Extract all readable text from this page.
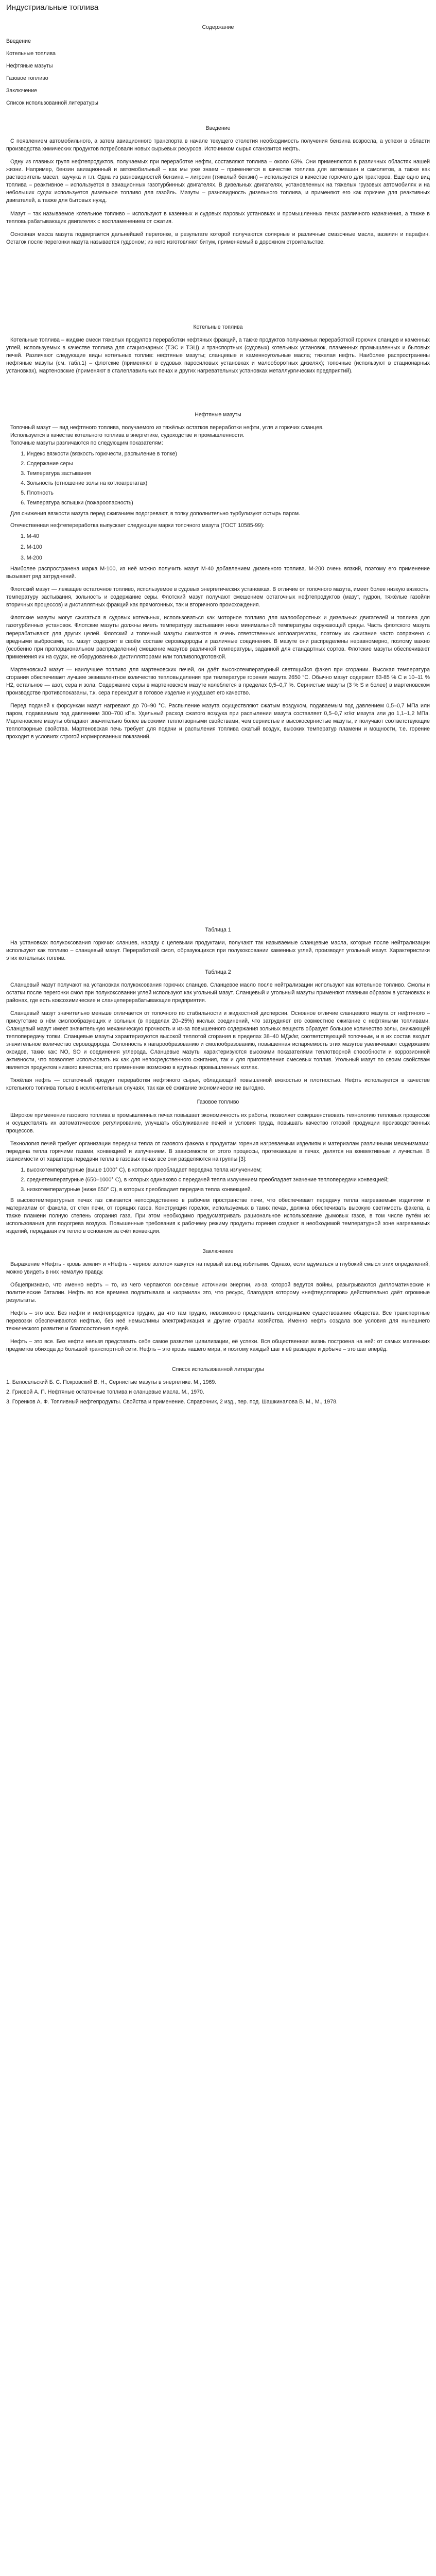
Индустриальные топлива
Содержание
Введение
Котельные топлива
Нефтяные мазуты
Газовое топливо
Заключение
Список использованной литературы
Введение

С появлением автомобильного, а затем авиационного транспорта в начале текущего столетия необходимость получения бензина возросла, а успехи в области производства химических продуктов потребовали новых сырьевых ресурсов. Источником сырья становится нефть.

Одну из главных групп нефтепродуктов, получаемых при переработке нефти, составляют топлива – около 63%. Они применяются в различных областях нашей жизни. Например, бензин авиационный и автомобильный – как мы уже знаем – применяется в качестве топлива для автомашин и самолетов, а также как растворитель масел, каучука и т.п. Одна из разновидностей бензина – лигроин (тяжелый бензин) – используется в качестве горючего для тракторов. Еще одно вид топлива – реактивное – используется в авиационных газотурбинных двигателях. В дизельных двигателях, установленных на тяжелых грузовых автомобилях и на небольших судах используется дизельное топливо для газойль. Мазуты – разновидность дизельного топлива, и применяют его как горючее для реактивных двигателей, а также для бытовых нужд.

Мазут – так называемое котельное топливо – используют в казенных и судовых паровых установках и промышленных печах различного назначения, а также в тепловырабатывающих двигателях с воспламенением от сжатия.

Основная масса мазута подвергается дальнейшей перегонке, в результате которой получаются солярные и различные смазочные масла, вазелин и парафин. Остаток после перегонки мазута называется гудроном; из него изготовляют битум, применяемый в дорожном строительстве.

Котельные топлива

Котельные топлива – жидкие смеси тяжелых продуктов переработки нефтяных фракций, а также продуктов получаемых переработкой горючих сланцев и каменных углей, используемых в качестве топлива для стационарных (ТЭС и ТЭЦ) и транспортных (судовых) котельных установок, пламенных промышленных и бытовых печей. Различают следующие виды котельных топлив: нефтяные мазуты; сланцевые и каменноугольные масла; тяжелая нефть. Наиболее распространены нефтяные мазуты (см. табл.1) – флотские (применяют в судовых паросиловых установках и малооборотных дизелях); топочные (используют в стационарных установках), мартеновские (применяют в сталеплавильных печах и других нагревательных установках металлургических предприятий).

Нефтяные мазуты

Топочный мазут — вид нефтяного топлива, получаемого из тяжёлых остатков переработки нефти, угля и горючих сланцев.

Используется в качестве котельного топлива в энергетике, судоходстве и промышленности.

Топочные мазуты различаются по следующим показателям:

1. Индекс вязкости (вязкость горючести, распыление в топке)
2. Содержание серы
3. Температура застывания
4. Зольность (отношение золы на котлоагрегатах)
5. Плотность
6. Температура вспышки (пожароопасность)

Для снижения вязкости мазута перед сжиганием подогревают, в топку дополнительно турбулизуют остырь паром.

Отечественная нефтепереработка выпускает следующие марки топочного мазута (ГОСТ 10585-99):

1. М-40
2. М-100
3. М-200

Наиболее распространена марка М-100, из неё можно получить мазут М-40 добавлением дизельного топлива. М-200 очень вязкий, поэтому его применение вызывает ряд затруднений.

Флотский мазут — лежащее остаточное топливо, используемое в судовых энергетических установках. В отличие от топочного мазута, имеет более низкую вязкость, температуру застывания, зольность и содержание серы. Флотский мазут получают смешением остаточных нефтепродуктов (мазут, гудрон, тяжёлые газойли вторичных процессов) и дистиллятных фракций как прямогонных, так и вторичного происхождения.

Флотские мазуты могут сжигаться в судовых котельных, использоваться как моторное топливо для малооборотных и дизельных двигателей и топлива для газотурбинных установок. Флотские мазуты должны иметь температуру застывания ниже минимальной температуры окружающей среды. Часть флотского мазута перерабатывают для других целей. Флотский и топочный мазуты сжигаются в очень ответственных котлоагрегатах, поэтому их сжигание часто сопряжено с вредными выбросами, т.к. мазут содержит в своём составе сероводороды и различные соединения. В мазуте они распределены неравномерно, поэтому важно (особенно при пропорциональном распределении) смешение мазутов различной температуры, заданной для стандартных сортов. Флотские мазуты обеспечивают применения их на судах, не оборудованных дистилляторами или топливоподготовкой.

Мартеновский мазут — наилучшее топливо для мартеновских печей, он даёт высокотемпературный светящийся факел при сгорании. Высокая температура сгорания обеспечивает лучшее эквивалентное количество тепловыделения при температуре горения мазута 2650 °С. Обычно мазут содержит 83-85 % С и 10–11 % Н2, остальное — азот, сера и зола. Содержание серы в мартеновском мазуте колеблется в пределах 0,5–0,7 %. Сернистые мазуты (3 % S и более) в мартеновском производстве противопоказаны, т.к. сера переходит в готовое изделие и ухудшает его качество.

Перед подачей к форсункам мазут нагревают до 70–90 °С. Распыление мазута осуществляют сжатым воздухом, подаваемым под давлением 0,5–0,7 МПа или паром, подаваемым под давлением 300–700 кПа. Удельный расход сжатого воздуха при распылении мазута составляет 0,5–0,7 кг/кг мазута или до 1,1–1,2 МПа. Мартеновские мазуты обладают значительно более высокими теплотворными свойствами, чем сернистые и высокосернистые мазуты, и получают соответствующие теплотворные свойства. Мартеновская печь требует для подачи и распыления топлива сжатый воздух, высоких температур пламени и мощности, т.е. горение проходит в условиях строгой нормированных показаний.

Таблица 1

На установках полукоксования горючих сланцев, наряду с целевыми продуктами, получают так называемые сланцевые масла, которые после нейтрализации используют как топливо – сланцевый мазут. Переработкой смол, образующихся при полукоксовании каменных углей, производят угольный мазут. Характеристики этих котельных топлив.

Таблица 2

Сланцевый мазут получают на установках полукоксования горючих сланцев. Сланцевое масло после нейтрализации используют как котельное топливо. Смолы и остатки после перегонки смол при полукоксовании углей используют как угольный мазут. Сланцевый и угольный мазуты применяют главным образом в установках и районах, где есть коксохимические и сланцеперерабатывающие предприятия.

Сланцевый мазут значительно меньше отличается от топочного по стабильности и жидкостной дисперсии. Основное отличие сланцевого мазута от нефтяного – присутствие в нём смолообразующих и зольных (в пределах 20–25%) кислых соединений, что затрудняет его совместное сжигание с нефтяными топливами. Сланцевый мазут имеет значительную механическую прочность и из-за повышенного содержания зольных веществ образует большое количество золы, снижающей теплопередачу топки. Сланцевые мазуты характеризуются высокой теплотой сгорания в пределах 38–40 МДж/кг, соответствующей топочным, и в их состав входит значительное количество сероводорода. Склонность к нагарообразованию и смолообразованию, повышенная испаряемость этих мазутов увеличивают содержание оксидов, таких как: NO, SO и соединения углерода. Сланцевые мазуты характеризуются высокими показателями теплотворной способности и коррозионной активности, что позволяет использовать их как для непосредственного сжигания, так и для приготовления смесевых топлив. Угольный мазут по своим свойствам является продуктом низкого качества; его применение возможно в крупных промышленных котлах.

Тяжёлая нефть — остаточный продукт переработки нефтяного сырья, обладающий повышенной вязкостью и плотностью. Нефть используется в качестве котельного топлива только в исключительных случаях, так как её сжигание экономически не выгодно.

Газовое топливо

Широкое применение газового топлива в промышленных печах повышает экономичность их работы, позволяет совершенствовать технологию тепловых процессов и осуществлять их автоматическое регулирование, улучшать обслуживание печей и условия труда, повышать качество готовой продукции производственных процессов.

Технология печей требует организации передачи тепла от газового факела к продуктам горения нагреваемым изделиям и материалам различными механизмами: передача тепла горячими газами, конвекцией и излучением. В зависимости от этого процессы, протекающие в печах, делятся на конвективные и лучистые. В зависимости от характера передачи тепла в газовых печах все они разделяются на группы [3]:

1. высокотемпературные (выше 1000° С), в которых преобладает передача тепла излучением;
2. среднетемпературные (650–1000° С), в которых одинаково с передачей тепла излучением преобладает значение теплопередачи конвекцией;
3. низкотемпературные (ниже 650° С), в которых преобладает передача тепла конвекцией.

В высокотемпературных печах газ сжигается непосредственно в рабочем пространстве печи, что обеспечивает передачу тепла нагреваемым изделиям и материалам от факела, от стен печи, от горящих газов. Конструкция горелок, используемых в таких печах, должна обеспечивать высокую светимость факела, а также пламени полную степень сгорания газа. При этом необходимо предусматривать рациональное использование дымовых газов, в том числе путём их использования для подогрева воздуха. Повышенные требования к рабочему режиму продукты горения создают в необходимой температурной зоне нагреваемых изделий, передавая им тепло в основном за счёт конвекции.

Заключение

Выражение «Нефть - кровь земли» и «Нефть - черное золото» кажутся на первый взгляд избитыми. Однако, если вдуматься в глубокий смысл этих определений, можно увидеть в них немалую правду.

Общепризнано, что именно нефть – то, из чего черпаются основные источники энергии, из-за которой ведутся войны, разыгрываются дипломатические и политические баталии. Нефть во все времена подпитывала и «кормила» это, что ресурс, благодаря которому «нефтедолларов» действительно даёт огромные результаты.

Нефть – это все. Без нефти и нефтепродуктов трудно, да что там трудно, невозможно представить сегодняшнее существование общества. Все транспортные перевозки обеспечиваются нефтью, без неё немыслимы электрификация и другие отрасли хозяйства. Именно нефть создала все условия для нынешнего технического развития и благосостояния людей.

Нефть – это все. Без нефти нельзя представить себе самое развитие цивилизации, её успехи. Вся общественная жизнь построена на ней: от самых маленьких предметов обихода до большой транспортной сети. Нефть – это кровь нашего мира, и поэтому каждый шаг к её разведке и добыче – это шаг вперёд.

Список использованной литературы

1. Белосельский Б. С. Покровский В. Н., Сернистые мазуты в энергетике. М., 1969.

2. Грисвой А. П. Нефтяные остаточные топлива и сланцевые масла. М., 1970.

3. Горенков А. Ф. Топливный нефтепродукты. Свойства и применение. Справочник, 2 изд., пер. под. Шашкиналова В. М., М., 1978.
